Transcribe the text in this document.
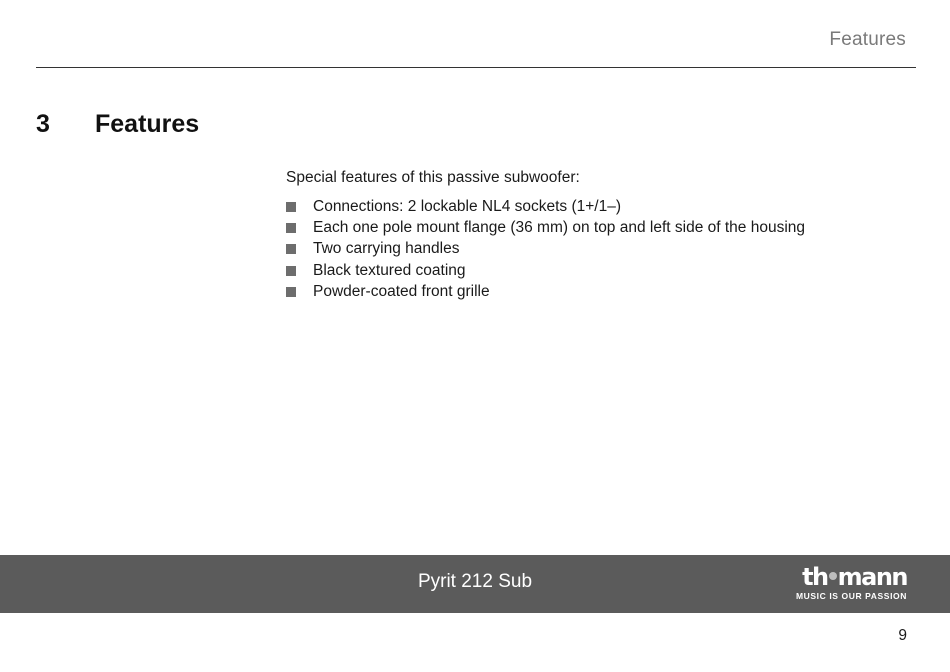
Features
3 Features
Special features of this passive subwoofer:
Connections: 2 lockable NL4 sockets (1+/1–)
Each one pole mount flange (36 mm) on top and left side of the housing
Two carrying handles
Black textured coating
Powder-coated front grille
Pyrit 212 Sub	th mann
MUSIC IS OUR PASSION
9
